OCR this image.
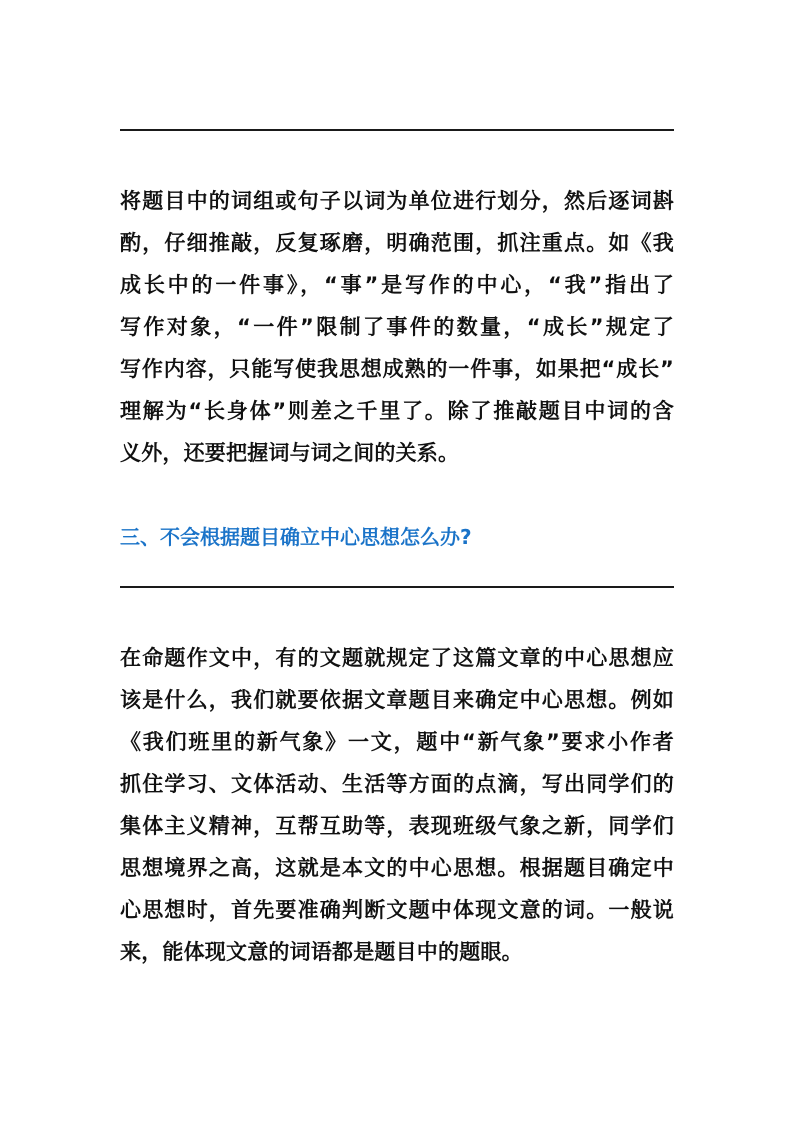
将题目中的词组或句子以词为单位进行划分，然后逐词斟
酌，仔细推敲，反复琢磨，明确范围，抓注重点。如《我
成长中的一件事》，“事”是写作的中心，“我”指出了
写作对象，“一件”限制了事件的数量，“成长”规定了
写作内容，只能写使我思想成熟的一件事，如果把“成长”
理解为“长身体”则差之千里了。除了推敲题目中词的含
义外，还要把握词与词之间的关系。
三、不会根据题目确立中心思想怎么办?
在命题作文中，有的文题就规定了这篇文章的中心思想应
该是什么，我们就要依据文章题目来确定中心思想。例如
《我们班里的新气象》一文，题中“新气象”要求小作者
抓住学习、文体活动、生活等方面的点滴，写出同学们的
集体主义精神，互帮互助等，表现班级气象之新，同学们
思想境界之高，这就是本文的中心思想。根据题目确定中
心思想时，首先要准确判断文题中体现文意的词。一般说
来，能体现文意的词语都是题目中的题眼。
